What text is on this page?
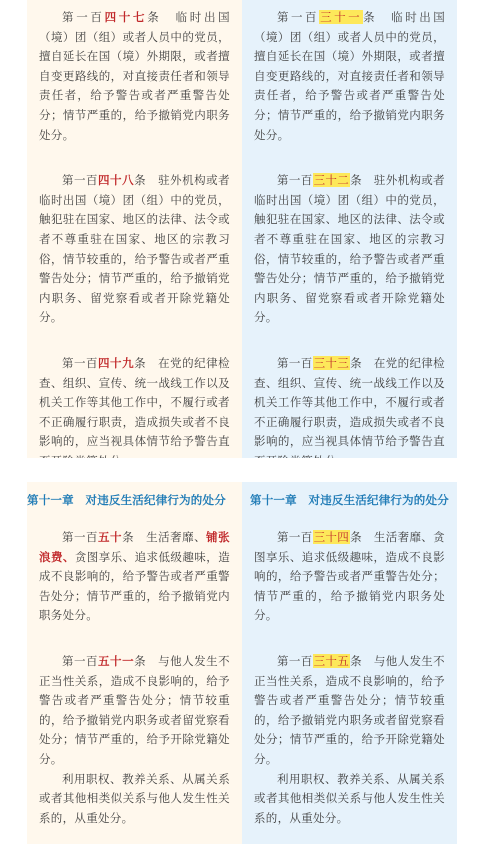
第一百四十七条　临时出国（境）团（组）或者人员中的党员，擅自延长在国（境）外期限，或者擅自变更路线的，对直接责任者和领导责任者，给予警告或者严重警告处分；情节严重的，给予撤销党内职务处分。

第一百四十八条　驻外机构或者临时出国（境）团（组）中的党员，触犯驻在国家、地区的法律、法令或者不尊重驻在国家、地区的宗教习俗，情节较重的，给予警告或者严重警告处分；情节严重的，给予撤销党内职务、留党察看或者开除党籍处分。

第一百四十九条　在党的纪律检查、组织、宣传、统一战线工作以及机关工作等其他工作中，不履行或者不正确履行职责，造成损失或者不良影响的，应当视具体情节给予警告直

第一百三十一条　临时出国（境）团（组）或者人员中的党员，擅自延长在国（境）外期限，或者擅自变更路线的，对直接责任者和领导责任者，给予警告或者严重警告处分；情节严重的，给予撤销党内职务处分。

第一百三十二条　驻外机构或者临时出国（境）团（组）中的党员，触犯驻在国家、地区的法律、法令或者不尊重驻在国家、地区的宗教习俗，情节较重的，给予警告或者严重警告处分；情节严重的，给予撤销党内职务、留党察看或者开除党籍处分。

第一百三十三条　在党的纪律检查、组织、宣传、统一战线工作以及机关工作等其他工作中，不履行或者不正确履行职责，造成损失或者不良影响的，应当视具体情节给予警告直

第十一章　对违反生活纪律行为的处分

第一百五十条　生活奢靡、铺张浪费、贪图享乐、追求低级趣味，造成不良影响的，给予警告或者严重警告处分；情节严重的，给予撤销党内职务处分。

第一百五十一条　与他人发生不正当性关系，造成不良影响的，给予警告或者严重警告处分；情节较重的，给予撤销党内职务或者留党察看处分；情节严重的，给予开除党籍处分。

利用职权、教养关系、从属关系或者其他相类似关系与他人发生性关系的，从重处分。

第十一章　对违反生活纪律行为的处分

第一百三十四条　生活奢靡、贪图享乐、追求低级趣味，造成不良影响的，给予警告或者严重警告处分；情节严重的，给予撤销党内职务处分。

第一百三十五条　与他人发生不正当性关系，造成不良影响的，给予警告或者严重警告处分；情节较重的，给予撤销党内职务或者留党察看处分；情节严重的，给予开除党籍处分。

利用职权、教养关系、从属关系或者其他相类似关系与他人发生性关系的，从重处分。
